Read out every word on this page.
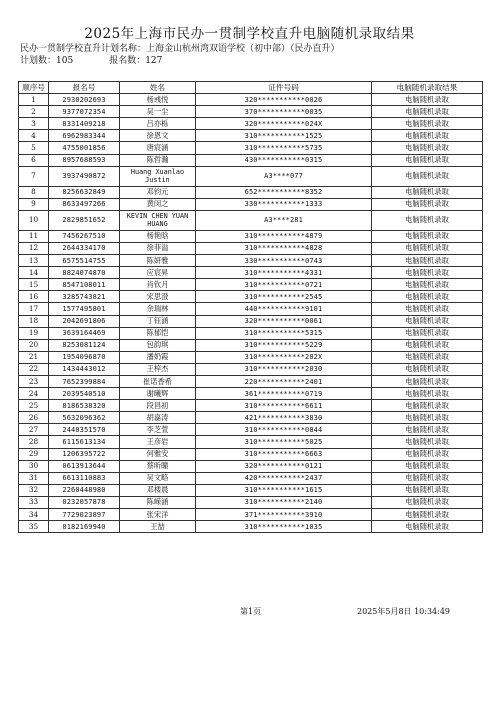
2025年上海市民办一贯制学校直升电脑随机录取结果
民办一贯制学校直升计划名称：上海金山杭州湾双语学校（初中部）（民办直升）
计划数：105	报名数：127
顺序号	报名号	姓名	证件号码	电脑随机录取结果
1	2930202693	杨彧悦	320***********0026	电脑随机录取
2	9377072354	吴一尘	370***********0035	电脑随机录取
3	8331409218	吕亦栎	320***********024X	电脑随机录取
4	6962983344	徐恩文	310***********1525	电脑随机录取
5	4755001856	唐宸涵	310***********5735	电脑随机录取
6	8957688593	陈哲瀚	430***********0315	电脑随机录取
7	3937490872	Huang Xuanlao Justin	A3****077	电脑随机录取
8	8256632849	邓钧元	652***********8352	电脑随机录取
9	8633497266	黄闵之	330***********1333	电脑随机录取
10	2829851652	KEVIN CHEN YUAN HUANG	A3****281	电脑随机录取
11	7456267510	杨艳晗	310***********4879	电脑随机录取
12	2644334170	徐菲溢	310***********4828	电脑随机录取
13	6575514755	陈妍雅	330***********0743	电脑随机录取
14	8824074870	应宸昇	310***********4331	电脑随机录取
15	8547108011	肖钦月	310***********0721	电脑随机录取
16	3285743821	宋思澄	310***********2545	电脑随机录取
17	1577495801	余瑞林	440***********9101	电脑随机录取
18	2042691806	丁钰涵	320***********0061	电脑随机录取
19	3639164469	陈郁恺	310***********5315	电脑随机录取
20	8253081124	包韵琪	310***********5229	电脑随机录取
21	1954096870	潘奶霞	310***********202X	电脑随机录取
22	1434443012	王梓杰	310***********2030	电脑随机录取
23	7652399884	崔诺香希	220***********2401	电脑随机录取
24	2039540510	谢曦辉	361***********0719	电脑随机录取
25	8186538320	段昌初	310***********6611	电脑随机录取
26	5632096362	胡嘉涛	421***********3830	电脑随机录取
27	2440351570	李芝萱	310***********0844	电脑随机录取
28	6115613134	王彦岩	310***********5025	电脑随机录取
29	1206395722	何雅安	310***********6663	电脑随机录取
30	0613913644	蔡昕瞳	320***********0121	电脑随机录取
31	6613110883	吴文略	420***********2437	电脑随机录取
32	2260448980	邓楼晨	310***********1615	电脑随机录取
33	0232057878	陈嵘涵	310***********2140	电脑随机录取
34	7729023897	张宋洋	371***********3910	电脑随机录取
35	0182169940	王喆	310***********1035	电脑随机录取
第1页	2025年5月8日 10:34:49
